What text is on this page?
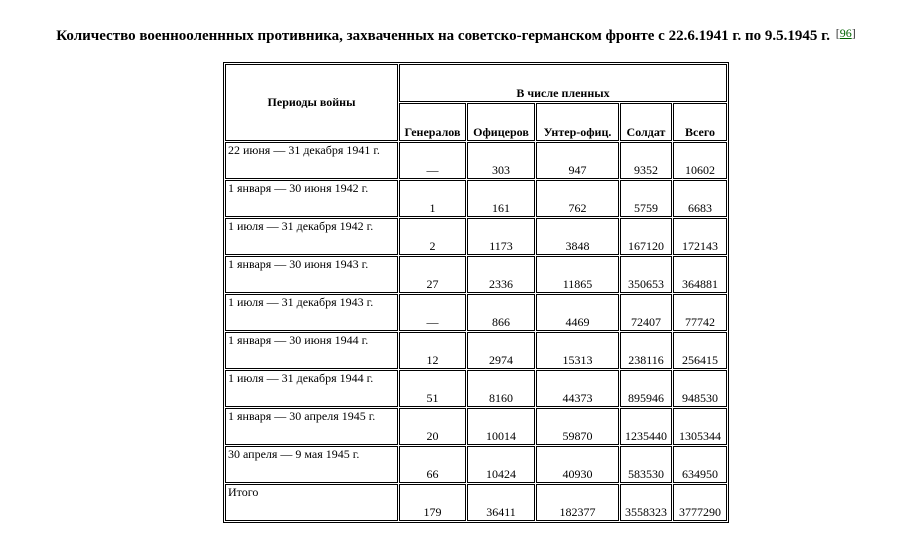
Количество военнооленнных противника, захваченных на советско-германском фронте с 22.6.1941 г. по 9.5.1945 г. [96]
Периоды войны	В числе пленных				
	Генералов	Офицеров	Унтер-офиц.	Солдат	Всего
22 июня — 31 декабря 1941 г.	—	303	947	9352	10602
1 января — 30 июня 1942 г.	1	161	762	5759	6683
1 июля — 31 декабря 1942 г.	2	1173	3848	167120	172143
1 января — 30 июня 1943 г.	27	2336	11865	350653	364881
1 июля — 31 декабря 1943 г.	—	866	4469	72407	77742
1 января — 30 июня 1944 г.	12	2974	15313	238116	256415
1 июля — 31 декабря 1944 г.	51	8160	44373	895946	948530
1 января — 30 апреля 1945 г.	20	10014	59870	1235440	1305344
30 апреля — 9 мая 1945 г.	66	10424	40930	583530	634950
Итого	179	36411	182377	3558323	3777290
